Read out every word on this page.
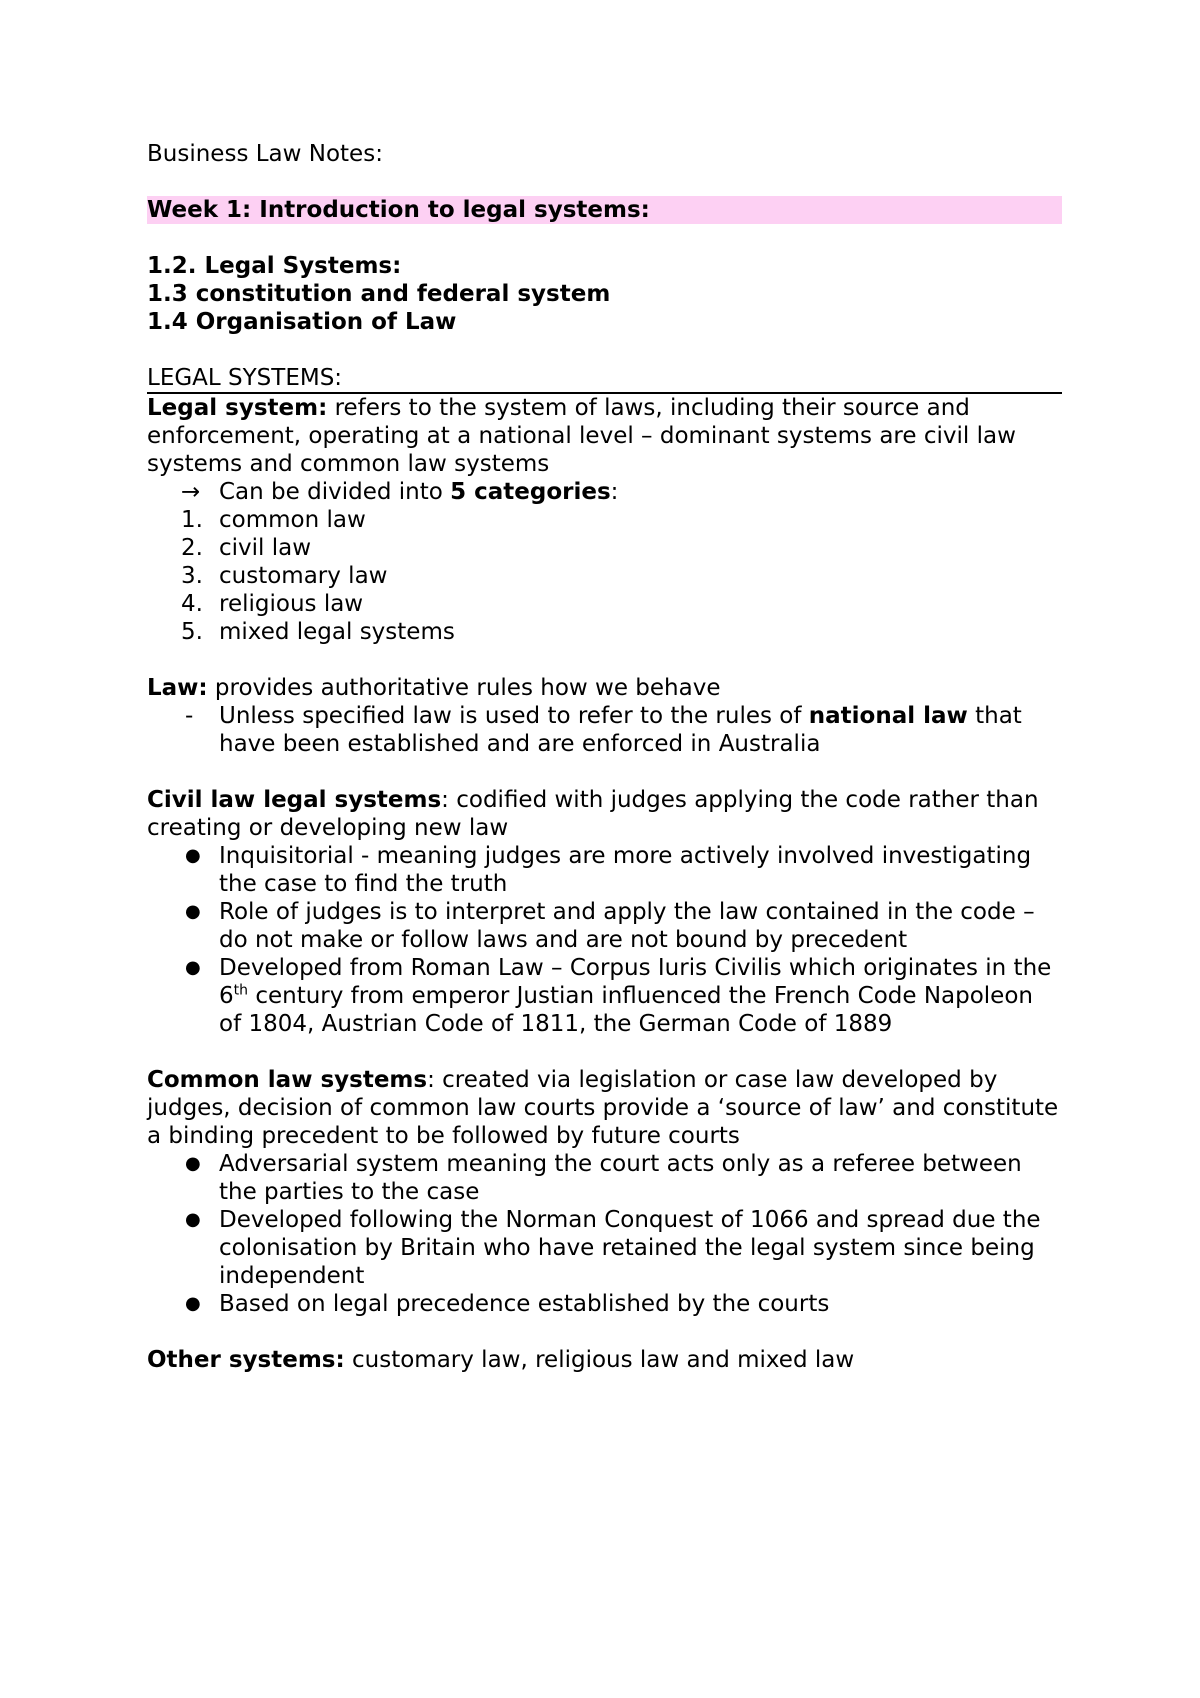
Business Law Notes:

Week 1: Introduction to legal systems:

1.2. Legal Systems:

1.3 constitution and federal system

1.4 Organisation of Law

LEGAL SYSTEMS:

Legal system: refers to the system of laws, including their source and enforcement, operating at a national level – dominant systems are civil law systems and common law systems

→ Can be divided into 5 categories:
1. common law
2. civil law
3. customary law
4. religious law
5. mixed legal systems

Law: provides authoritative rules how we behave

-	Unless specified law is used to refer to the rules of national law that have been established and are enforced in Australia

Civil law legal systems: codified with judges applying the code rather than creating or developing new law

● Inquisitorial - meaning judges are more actively involved investigating the case to find the truth
● Role of judges is to interpret and apply the law contained in the code – do not make or follow laws and are not bound by precedent
● Developed from Roman Law – Corpus Iuris Civilis which originates in the 6th century from emperor Justian influenced the French Code Napoleon of 1804, Austrian Code of 1811, the German Code of 1889

Common law systems: created via legislation or case law developed by judges, decision of common law courts provide a ‘source of law’ and constitute a binding precedent to be followed by future courts

● Adversarial system meaning the court acts only as a referee between the parties to the case
● Developed following the Norman Conquest of 1066 and spread due the colonisation by Britain who have retained the legal system since being independent
● Based on legal precedence established by the courts

Other systems: customary law, religious law and mixed law
